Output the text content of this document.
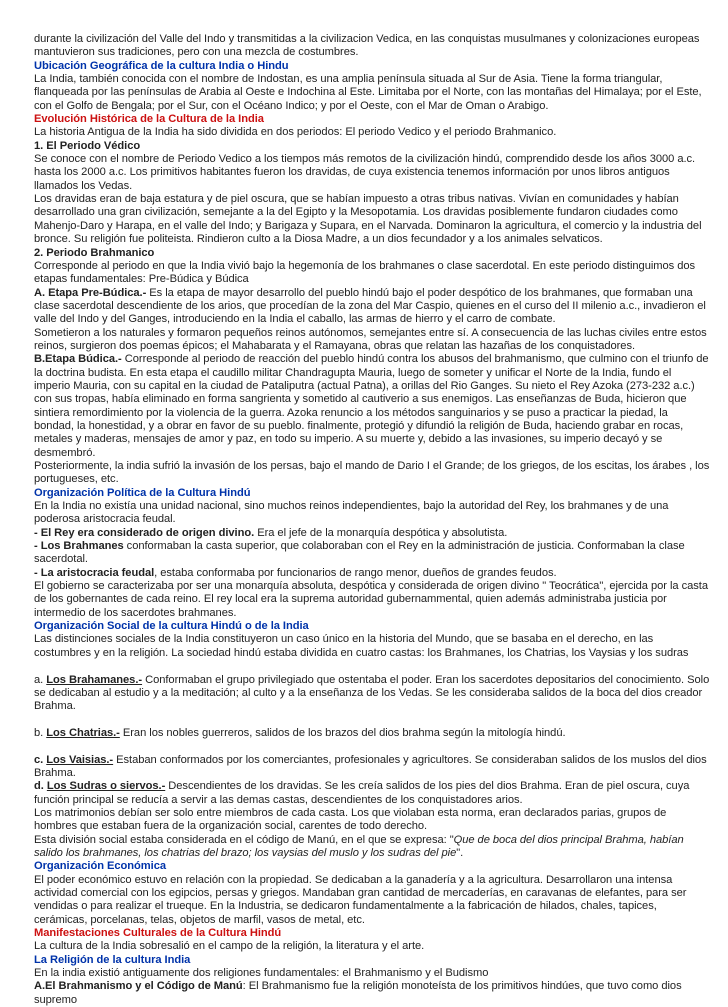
durante la civilización del Valle del Indo y transmitidas a la civilizacion Vedica, en las conquistas musulmanes y colonizaciones europeas mantuvieron sus tradiciones, pero con una mezcla de costumbres.

Ubicación Geográfica de la cultura India o Hindu

La India, también conocida con el nombre de Indostan, es una amplia península situada al Sur de Asia. Tiene la forma triangular, flanqueada por las penínsulas de Arabia al Oeste e Indochina al Este. Limitaba por el Norte, con las montañas del Himalaya; por el Este, con el Golfo de Bengala; por el Sur, con el Océano Indico; y por el Oeste, con el Mar de Oman o Arabigo.

Evolución Histórica de la Cultura de la India

La historia Antigua de la India ha sido dividida en dos periodos: El periodo Vedico y el periodo Brahmanico.

1. El Periodo Védico

Se conoce con el nombre de Periodo Vedico a los tiempos más remotos de la civilización hindú, comprendido desde los años 3000 a.c. hasta los 2000 a.c. Los primitivos habitantes fueron los dravidas, de cuya existencia tenemos información por unos libros antiguos llamados los Vedas.

Los dravidas eran de baja estatura y de piel oscura, que se habían impuesto a otras tribus nativas. Vivían en comunidades y habían desarrollado una gran civilización, semejante a la del Egipto y la Mesopotamia. Los dravidas posiblemente fundaron ciudades como Mahenjo-Daro y Harapa, en el valle del Indo; y Barigaza y Supara, en el Narvada. Dominaron la agricultura, el comercio y la industria del bronce. Su religión fue politeista. Rindieron culto a la Diosa Madre, a un dios fecundador y a los animales selvaticos.

2. Periodo Brahmanico

Corresponde al periodo en que la India vivió bajo la hegemonía de los brahmanes o clase sacerdotal. En este periodo distinguimos dos etapas fundamentales: Pre-Búdica y Búdica

A. Etapa Pre-Búdica.- Es la etapa de mayor desarrollo del pueblo hindú bajo el poder despótico de los brahmanes, que formaban una clase sacerdotal descendiente de los arios, que procedían de la zona del Mar Caspio, quienes en el curso del II milenio a.c., invadieron el valle del Indo y del Ganges, introduciendo en la India el caballo, las armas de hierro y el carro de combate.

Sometieron a los naturales y formaron pequeños reinos autónomos, semejantes entre sí. A consecuencia de las luchas civiles entre estos reinos, surgieron dos poemas épicos; el Mahabarata y el Ramayana, obras que relatan las hazañas de los conquistadores.

B.Etapa Búdica.- Corresponde al periodo de reacción del pueblo hindú contra los abusos del brahmanismo, que culmino con el triunfo de la doctrina budista. En esta etapa el caudillo militar Chandragupta Mauria, luego de someter y unificar el Norte de la India, fundo el imperio Mauria, con su capital en la ciudad de Pataliputra (actual Patna), a orillas del Rio Ganges. Su nieto el Rey Azoka (273-232 a.c.) con sus tropas, había eliminado en forma sangrienta y sometido al cautiverio a sus enemigos. Las enseñanzas de Buda, hicieron que sintiera remordimiento por la violencia de la guerra. Azoka renuncio a los métodos sanguinarios y se puso a practicar la piedad, la bondad, la honestidad, y a obrar en favor de su pueblo. finalmente, protegió y difundió la religión de Buda, haciendo grabar en rocas, metales y maderas, mensajes de amor y paz, en todo su imperio. A su muerte y, debido a las invasiones, su imperio decayó y se desmembró.

Posteriormente, la india sufrió la invasión de los persas, bajo el mando de Dario I el Grande; de los griegos, de los escitas, los árabes , los portugueses, etc.

Organización Política de la Cultura Hindú

En la India no existía una unidad nacional, sino muchos reinos independientes, bajo la autoridad del Rey, los brahmanes y de una poderosa aristocracia feudal.

- El Rey era considerado de origen divino. Era el jefe de la monarquía despótica y absolutista.

- Los Brahmanes conformaban la casta superior, que colaboraban con el Rey en la administración de justicia. Conformaban la clase sacerdotal.

- La aristocracia feudal, estaba conformaba por funcionarios de rango menor, dueños de grandes feudos.

El gobierno se caracterizaba por ser una monarquía absoluta, despótica y considerada de origen divino " Teocrática", ejercida por la casta de los gobernantes de cada reino. El rey local era la suprema autoridad gubernammental, quien además administraba justicia por intermedio de los sacerdotes brahmanes.

Organización Social de la cultura Hindú o de la India

Las distinciones sociales de la India constituyeron un caso único en la historia del Mundo, que se basaba en el derecho, en las costumbres y en la religión. La sociedad hindú estaba dividida en cuatro castas: los Brahmanes, los Chatrias, los Vaysias y los sudras

a. Los Brahamanes.- Conformaban el grupo privilegiado que ostentaba el poder. Eran los sacerdotes depositarios del conocimiento. Solo se dedicaban al estudio y a la meditación; al culto y a la enseñanza de los Vedas. Se les consideraba salidos de la boca del dios creador Brahma.

b. Los Chatrias.- Eran los nobles guerreros, salidos de los brazos del dios brahma según la mitología hindú.

c. Los Vaisias.- Estaban conformados por los comerciantes, profesionales y agricultores. Se consideraban salidos de los muslos del dios Brahma.

d. Los Sudras o siervos.- Descendientes de los dravidas. Se les creía salidos de los pies del dios Brahma. Eran de piel oscura, cuya función principal se reducía a servir a las demas castas, descendientes de los conquistadores arios.

Los matrimonios debían ser solo entre miembros de cada casta. Los que violaban esta norma, eran declarados parias, grupos de hombres que estaban fuera de la organización social, carentes de todo derecho.

Esta división social estaba considerada en el código de Manú, en el que se expresa: "Que de boca del dios principal Brahma, habían salido los brahmanes, los chatrias del brazo; los vaysias del muslo y los sudras del pie".

Organización Económica

El poder económico estuvo en relación con la propiedad. Se dedicaban a la ganadería y a la agricultura. Desarrollaron una intensa actividad comercial con los egipcios, persas y griegos. Mandaban gran cantidad de mercaderías, en caravanas de elefantes, para ser vendidas o para realizar el trueque. En la Industria, se dedicaron fundamentalmente a la fabricación de hilados, chales, tapices, cerámicas, porcelanas, telas, objetos de marfil, vasos de metal, etc.

Manifestaciones Culturales de la Cultura Hindú

La cultura de la India sobresalió en el campo de la religión, la literatura y el arte.

La Religión de la cultura India

En la india existió antiguamente dos religiones fundamentales: el Brahmanismo y el Budismo

A.El Brahmanismo y el Código de Manú: El Brahmanismo fue la religión monoteísta de los primitivos hindúes, que tuvo como dios supremo
